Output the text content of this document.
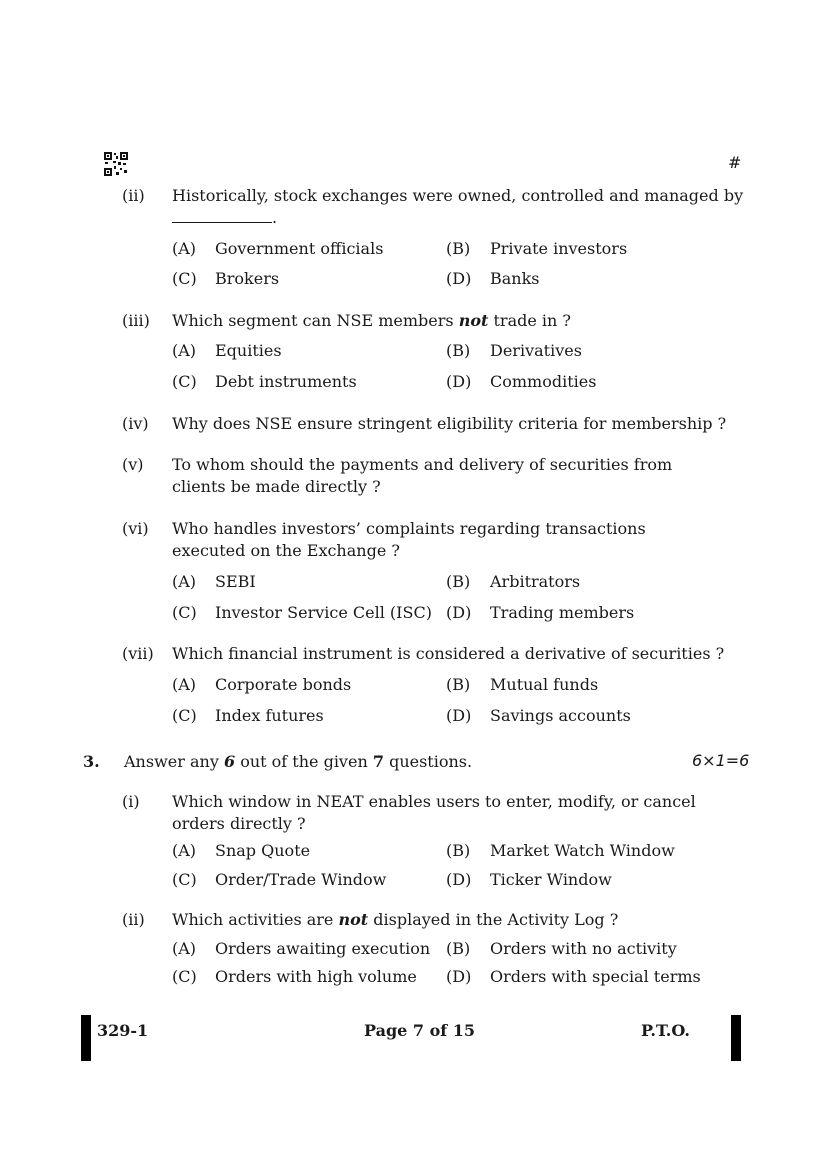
#
(ii) Historically, stock exchanges were owned, controlled and managed by
.
(A) Government officials	(B) Private investors
(C) Brokers	(D) Banks
(iii) Which segment can NSE members not trade in ?
(A) Equities	(B) Derivatives
(C) Debt instruments	(D) Commodities
(iv) Why does NSE ensure stringent eligibility criteria for membership ?
(v) To whom should the payments and delivery of securities from clients be made directly ?
(vi) Who handles investors’ complaints regarding transactions executed on the Exchange ?
(A) SEBI	(B) Arbitrators
(C) Investor Service Cell (ISC) (D) Trading members
(vii) Which financial instrument is considered a derivative of securities ?
(A) Corporate bonds	(B) Mutual funds
(C) Index futures	(D) Savings accounts
3. Answer any 6 out of the given 7 questions.	6×1=6
(i) Which window in NEAT enables users to enter, modify, or cancel orders directly ?
(A) Snap Quote	(B) Market Watch Window
(C) Order/Trade Window	(D) Ticker Window
(ii) Which activities are not displayed in the Activity Log ?
(A) Orders awaiting execution (B) Orders with no activity
(C) Orders with high volume (D) Orders with special terms
329-1	Page 7 of 15	P.T.O.
